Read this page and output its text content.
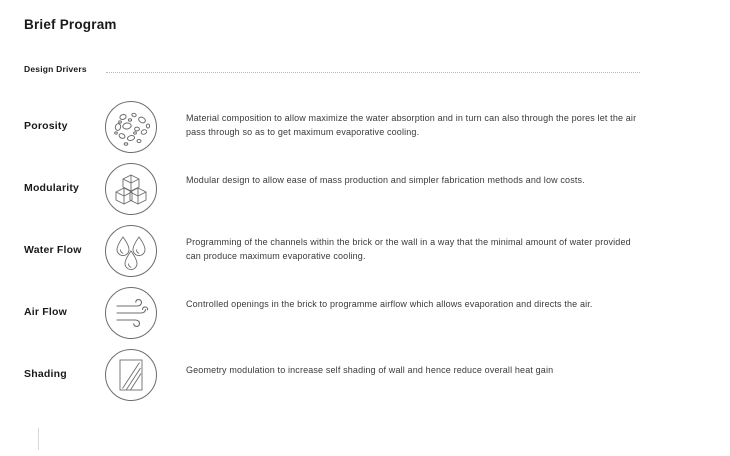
Brief Program
Design Drivers
Porosity
Material composition to allow maximize the water absorption and in turn can also through the pores let the air pass through so as to get maximum evaporative cooling.
Modularity
Modular design to allow ease of mass production and simpler fabrication methods and low costs.
Water Flow
Programming of the channels within the brick or the wall in a way that the minimal amount of water provided can produce maximum evaporative cooling.
Air Flow
Controlled openings in the brick to programme airflow which allows evaporation and directs the air.
Shading	Geometry modulation to increase self shading of wall and hence reduce overall heat gain
